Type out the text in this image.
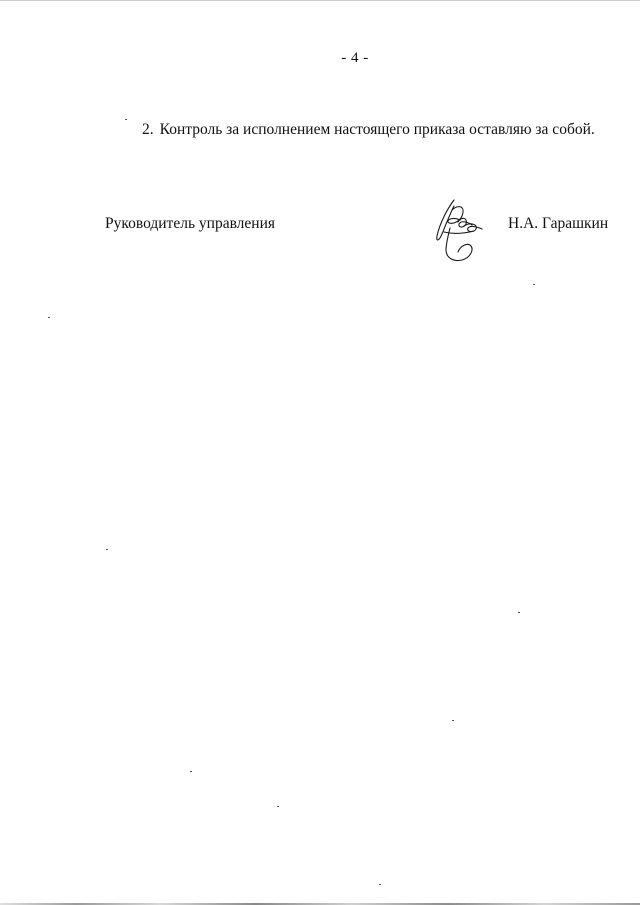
- 4 -
2. Контроль за исполнением настоящего приказа оставляю за собой.
Руководитель управления	Н.А. Гарашкин
